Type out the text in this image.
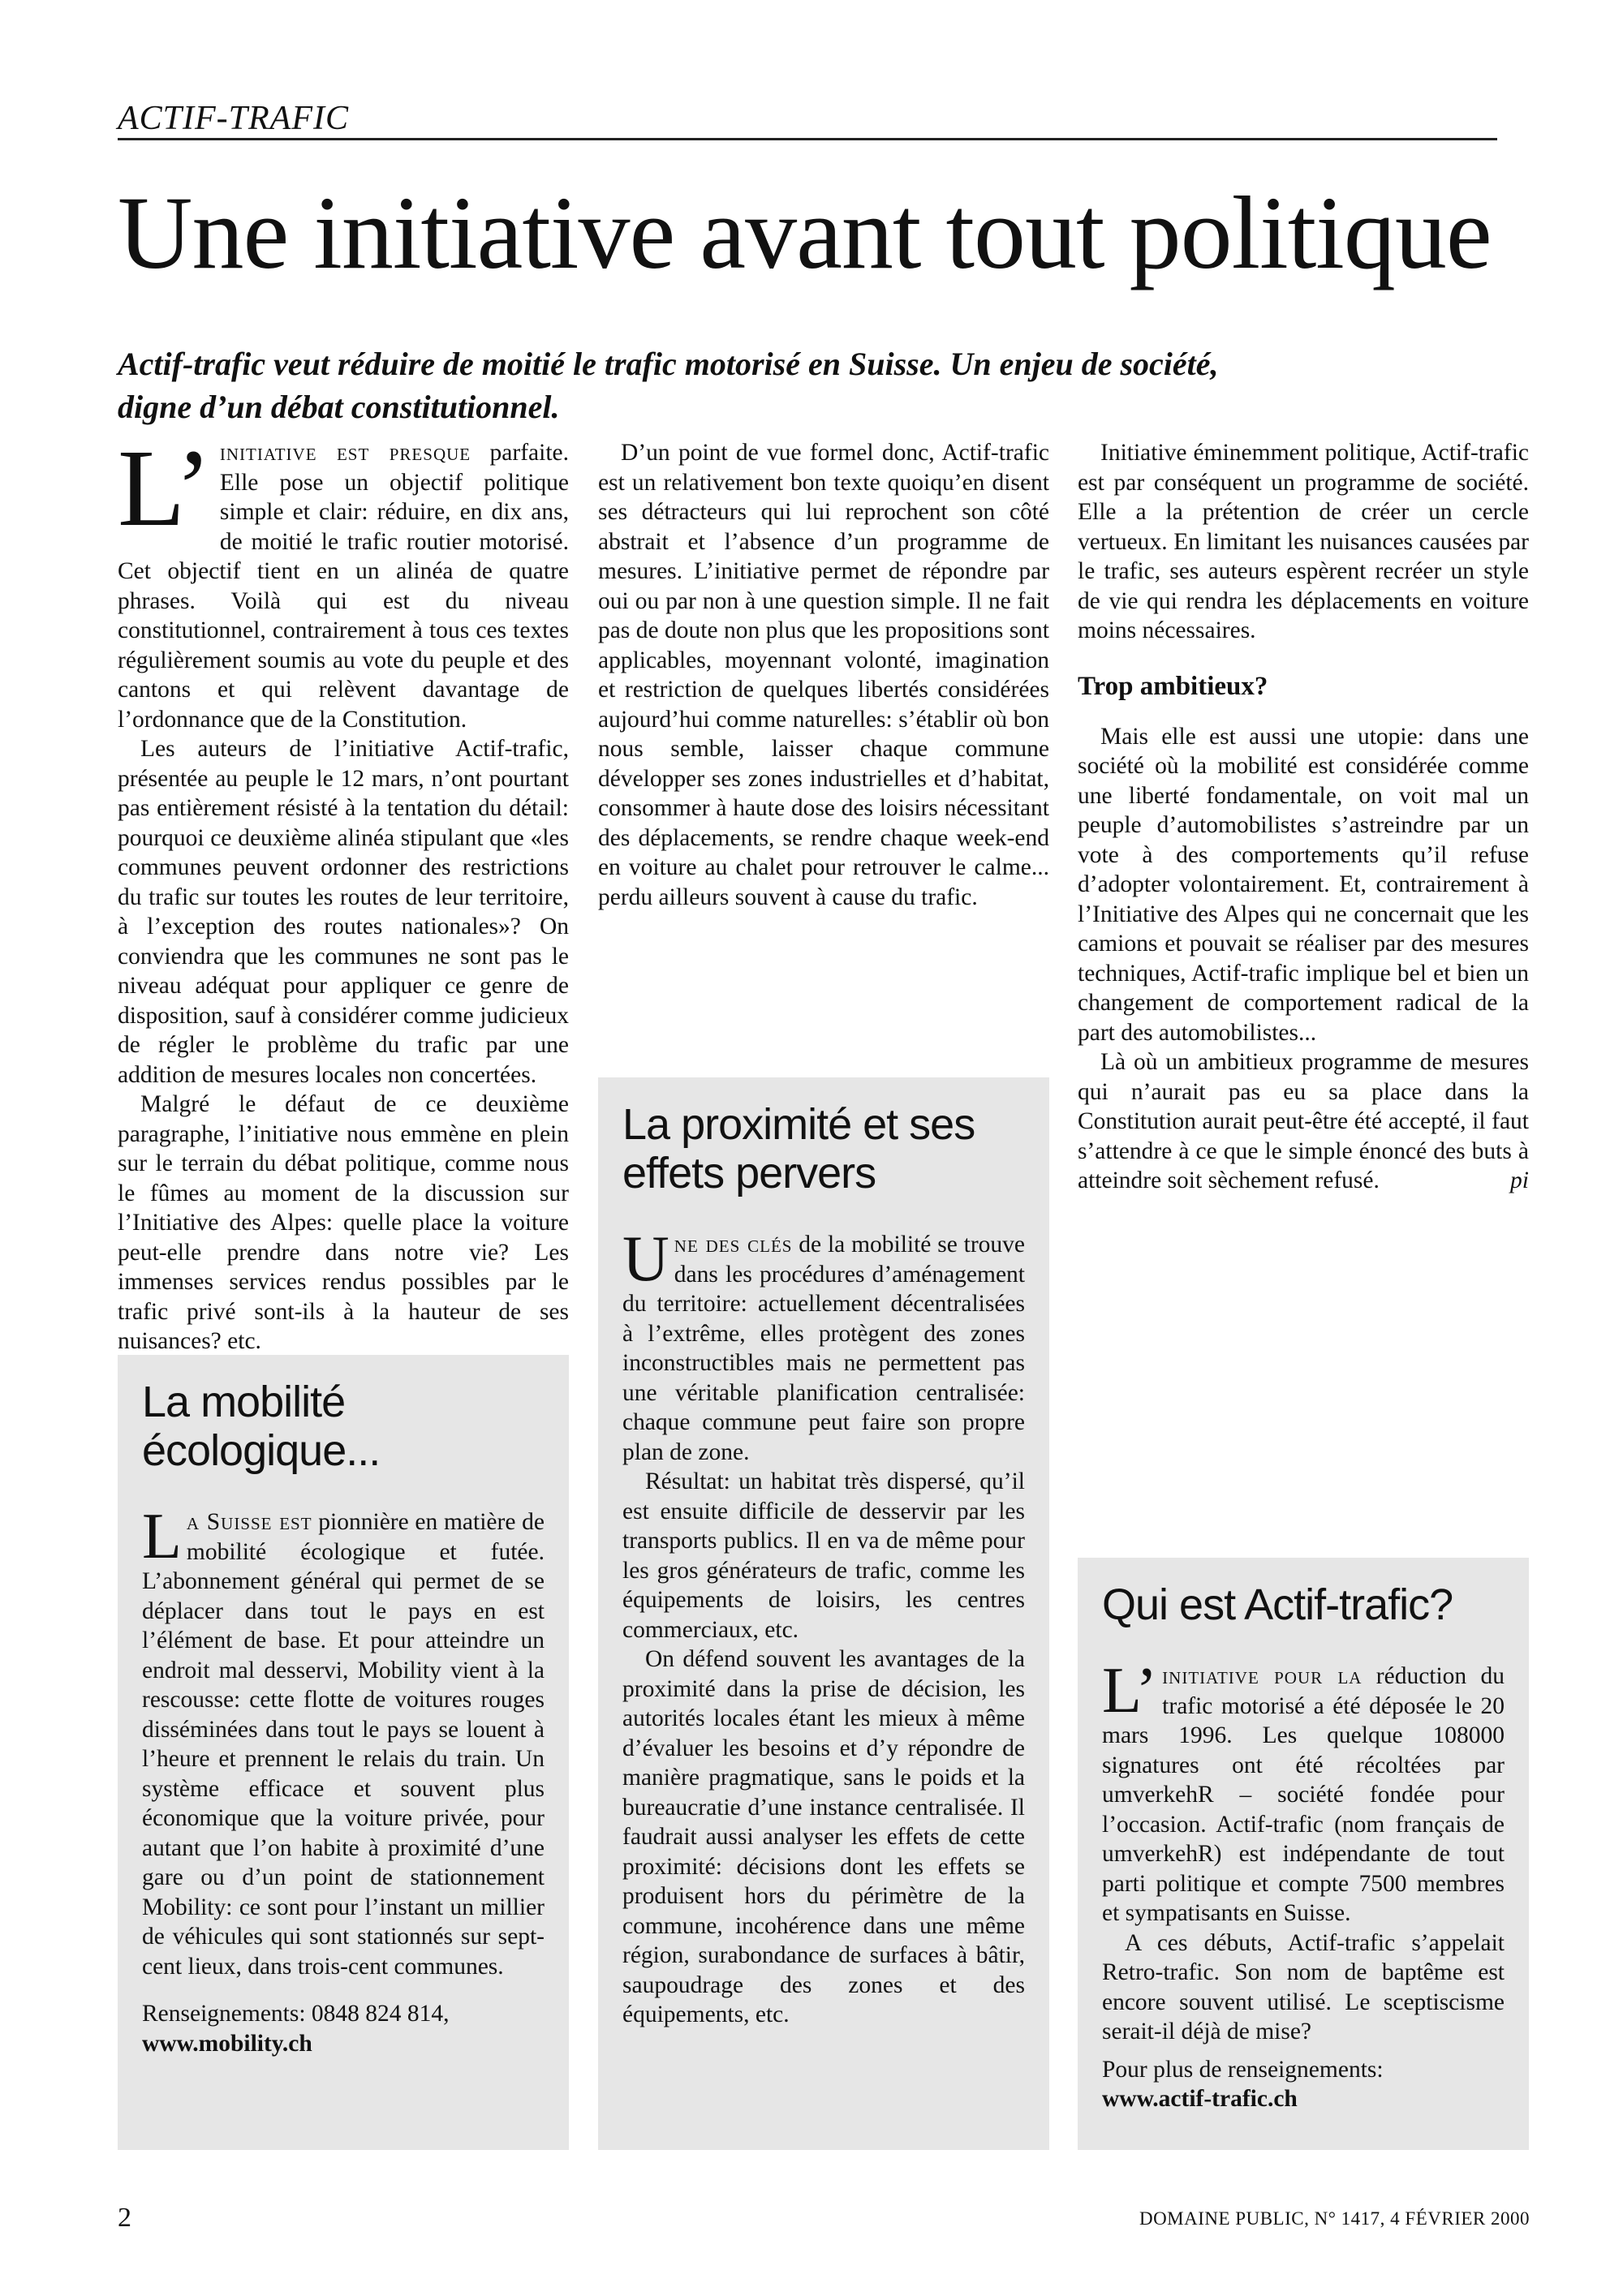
ACTIF-TRAFIC
Une initiative avant tout politique
Actif-trafic veut réduire de moitié le trafic motorisé en Suisse. Un enjeu de société, digne d’un débat constitutionnel.

L’ initiative est presque parfaite. Elle pose un objectif politique simple et clair: réduire, en dix ans, de moitié le trafic routier motorisé. Cet objectif tient en un alinéa de quatre phrases. Voilà qui est du niveau constitutionnel, contrairement à tous ces textes régulièrement soumis au vote du peuple et des cantons et qui relèvent davantage de l’ordonnance que de la Constitution.

Les auteurs de l’initiative Actif-trafic, présentée au peuple le 12 mars, n’ont pourtant pas entièrement résisté à la tentation du détail: pourquoi ce deuxième alinéa stipulant que «les communes peuvent ordonner des restrictions du trafic sur toutes les routes de leur territoire, à l’exception des routes nationales»? On conviendra que les communes ne sont pas le niveau adéquat pour appliquer ce genre de disposition, sauf à considérer comme judicieux de régler le problème du trafic par une addition de mesures locales non concertées.

Malgré le défaut de ce deuxième paragraphe, l’initiative nous emmène en plein sur le terrain du débat politique, comme nous le fûmes au moment de la discussion sur l’Initiative des Alpes: quelle place la voiture peut-elle prendre dans notre vie? Les immenses services rendus possibles par le trafic privé sont-ils à la hauteur de ses nuisances? etc.

D’un point de vue formel donc, Actif-trafic est un relativement bon texte quoiqu’en disent ses détracteurs qui lui reprochent son côté abstrait et l’absence d’un programme de mesures. L’initiative permet de répondre par oui ou par non à une question simple. Il ne fait pas de doute non plus que les propositions sont applicables, moyennant volonté, imagination et restriction de quelques libertés considérées aujourd’hui comme naturelles: s’établir où bon nous semble, laisser chaque commune développer ses zones industrielles et d’habitat, consommer à haute dose des loisirs nécessitant des déplacements, se rendre chaque week-end en voiture au chalet pour retrouver le calme... perdu ailleurs souvent à cause du trafic.

Initiative éminemment politique, Actif-trafic est par conséquent un programme de société. Elle a la prétention de créer un cercle vertueux. En limitant les nuisances causées par le trafic, ses auteurs espèrent recréer un style de vie qui rendra les déplacements en voiture moins nécessaires.

Trop ambitieux?

Mais elle est aussi une utopie: dans une société où la mobilité est considérée comme une liberté fondamentale, on voit mal un peuple d’automobilistes s’astreindre par un vote à des comportements qu’il refuse d’adopter volontairement. Et, contrairement à l’Initiative des Alpes qui ne concernait que les camions et pouvait se réaliser par des mesures techniques, Actif-trafic implique bel et bien un changement de comportement radical de la part des automobilistes...

Là où un ambitieux programme de mesures qui n’aurait pas eu sa place dans la Constitution aurait peut-être été accepté, il faut s’attendre à ce que le simple énoncé des buts à atteindre soit sèchement refusé.	pi

La mobilité écologique...

La Suisse est pionnière en matière de mobilité écologique et futée. L’abonnement général qui permet de se déplacer dans tout le pays en est l’élément de base. Et pour atteindre un endroit mal desservi, Mobility vient à la rescousse: cette flotte de voitures rouges disséminées dans tout le pays se louent à l’heure et prennent le relais du train. Un système efficace et souvent plus économique que la voiture privée, pour autant que l’on habite à proximité d’une gare ou d’un point de stationnement Mobility: ce sont pour l’instant un millier de véhicules qui sont stationnés sur sept-cent lieux, dans trois-cent communes.

Renseignements: 0848 824 814,

www.mobility.ch

La proximité et ses effets pervers

Une des clés de la mobilité se trouve dans les procédures d’aménagement du territoire: actuellement décentralisées à l’extrême, elles protègent des zones inconstructibles mais ne permettent pas une véritable planification centralisée: chaque commune peut faire son propre plan de zone.

Résultat: un habitat très dispersé, qu’il est ensuite difficile de desservir par les transports publics. Il en va de même pour les gros générateurs de trafic, comme les équipements de loisirs, les centres commerciaux, etc.

On défend souvent les avantages de la proximité dans la prise de décision, les autorités locales étant les mieux à même d’évaluer les besoins et d’y répondre de manière pragmatique, sans le poids et la bureaucratie d’une instance centralisée. Il faudrait aussi analyser les effets de cette proximité: décisions dont les effets se produisent hors du périmètre de la commune, incohérence dans une même région, surabondance de surfaces à bâtir, saupoudrage des zones et des équipements, etc.

Qui est Actif-trafic?

L’ initiative pour la réduction du trafic motorisé a été déposée le 20 mars 1996. Les quelque 108000 signatures ont été récoltées par umverkehR – société fondée pour l’occasion. Actif-trafic (nom français de umverkehR) est indépendante de tout parti politique et compte 7500 membres et sympatisants en Suisse.

A ces débuts, Actif-trafic s’appelait Retro-trafic. Son nom de baptême est encore souvent utilisé. Le sceptiscisme serait-il déjà de mise?

Pour plus de renseignements:

www.actif-trafic.ch

2	DOMAINE PUBLIC, N° 1417, 4 FÉVRIER 2000
